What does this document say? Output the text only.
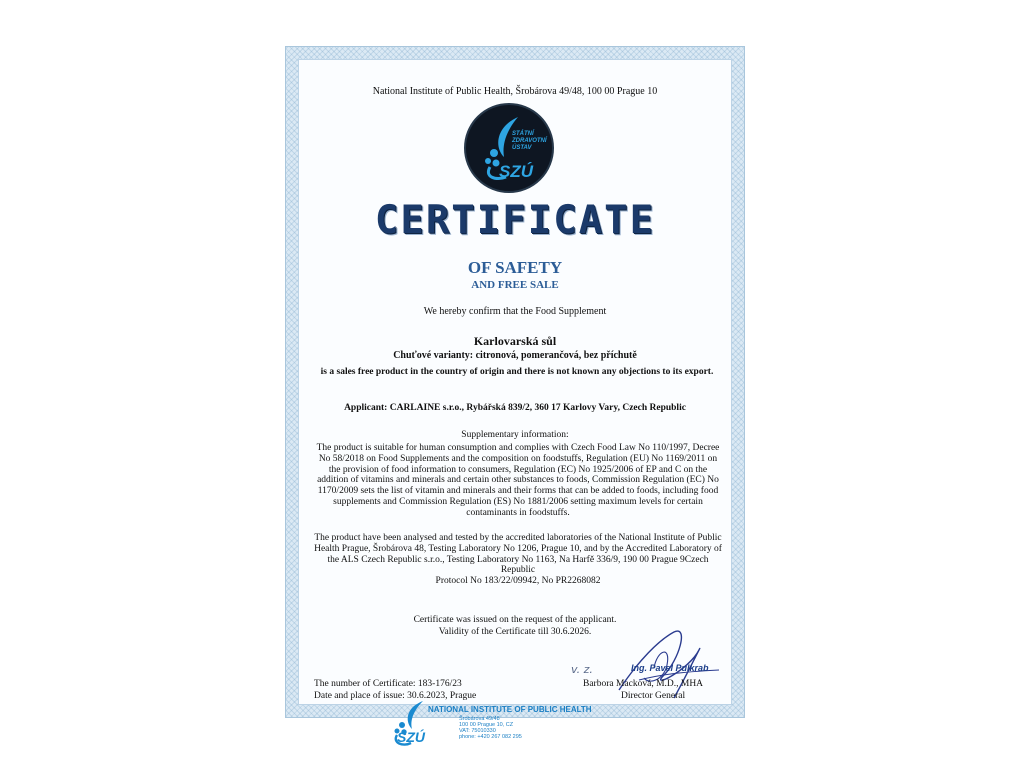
National Institute of Public Health, Šrobárova 49/48, 100 00 Prague 10
STÁTNÍ
ZDRAVOTNÍ
ÚSTAV
SZÚ
CERTIFICATE
OF SAFETY
AND FREE SALE
We hereby confirm that the Food Supplement
Karlovarská sůl
Chuťové varianty: citronová, pomerančová, bez příchutě
is a sales free product in the country of origin and there is not known any objections to its export.
Applicant: CARLAINE s.r.o., Rybářská 839/2, 360 17 Karlovy Vary, Czech Republic
Supplementary information:
The product is suitable for human consumption and complies with Czech Food Law No 110/1997, Decree No 58/2018 on Food Supplements and the composition on foodstuffs, Regulation (EU) No 1169/2011 on the provision of food information to consumers, Regulation (EC) No 1925/2006 of EP and C on the addition of vitamins and minerals and certain other substances to foods, Commission Regulation (EC) No 1170/2009 sets the list of vitamin and minerals and their forms that can be added to foods, including food supplements and Commission Regulation (ES) No 1881/2006 setting maximum levels for certain contaminants in foodstuffs.
The product have been analysed and tested by the accredited laboratories of the National Institute of Public Health Prague, Šrobárova 48, Testing Laboratory No 1206, Prague 10, and by the Accredited Laboratory of the ALS Czech Republic s.r.o., Testing Laboratory No 1163, Na Harfě 336/9, 190 00 Prague 9Czech Republic
Protocol No 183/22/09942, No PR2268082
Certificate was issued on the request of the applicant.
Validity of the Certificate till 30.6.2026.
The number of Certificate: 183-176/23
Date and place of issue: 30.6.2023, Prague
v. z.	Ing. Pavel Pulkrab
Barbora Macková, M.D., MHA
Director General
SZÚ
NATIONAL INSTITUTE OF PUBLIC HEALTH
Šrobárova 49/48
100 00 Prague 10, CZ
VAT: 75010330
phone: +420 267 082 295
